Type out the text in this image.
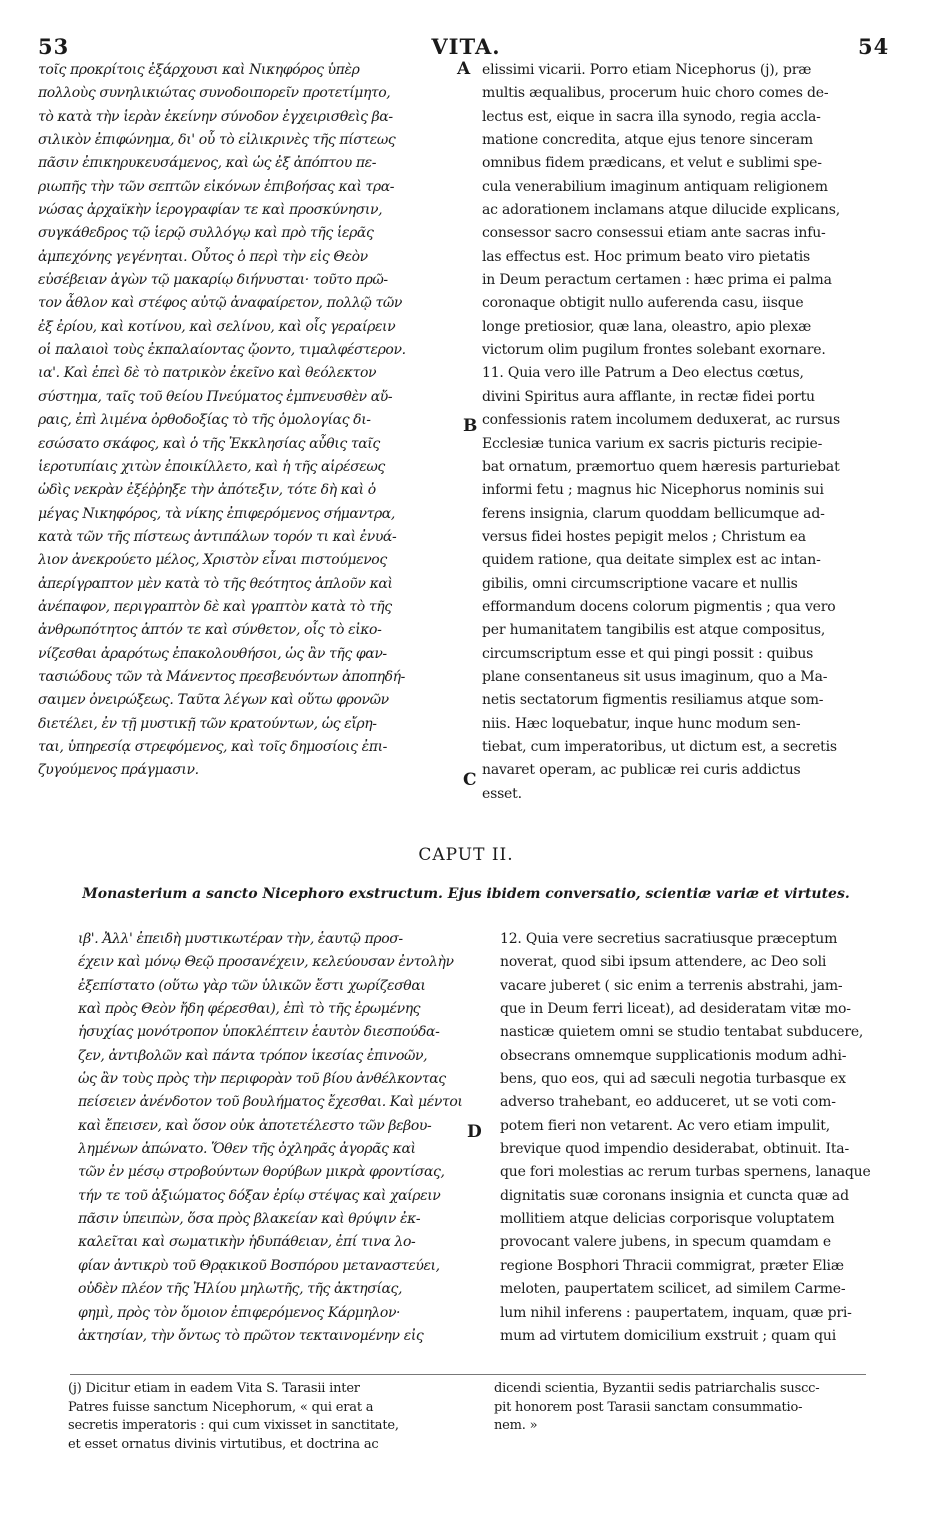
53	VITA.	54
τοῖς προκρίτοις ἐξάρχουσι καὶ Νικηφόρος ὑπὲρ
πολλοὺς συνηλικιώτας συνοδοιπορεῖν προτετίμητο,
τὸ κατὰ τὴν ἱερὰν ἐκείνην σύνοδον ἐγχειρισθεὶς βα-
σιλικὸν ἐπιφώνημα, δι' οὗ τὸ εἰλικρινὲς τῆς πίστεως
πᾶσιν ἐπικηρυκευσάμενος, καὶ ὡς ἐξ ἀπόπτου πε-
ριωπῆς τὴν τῶν σεπτῶν εἰκόνων ἐπιβοήσας καὶ τρα-
νώσας ἀρχαϊκὴν ἱερογραφίαν τε καὶ προσκύνησιν,
συγκάθεδρος τῷ ἱερῷ συλλόγῳ καὶ πρὸ τῆς ἱερᾶς
ἀμπεχόνης γεγένηται. Οὗτος ὁ περὶ τὴν εἰς Θεὸν
εὐσέβειαν ἀγὼν τῷ μακαρίῳ διήνυσται· τοῦτο πρῶ-
τον ἆθλον καὶ στέφος αὐτῷ ἀναφαίρετον, πολλῷ τῶν
ἐξ ἐρίου, καὶ κοτίνου, καὶ σελίνου, καὶ οἷς γεραίρειν
οἱ παλαιοὶ τοὺς ἐκπαλαίοντας ᾤοντο, τιμαλφέστερον.
ια'. Καὶ ἐπεὶ δὲ τὸ πατρικὸν ἐκεῖνο καὶ θεόλεκτον
σύστημα, ταῖς τοῦ θείου Πνεύματος ἐμπνευσθὲν αὔ-
ραις, ἐπὶ λιμένα ὀρθοδοξίας τὸ τῆς ὁμολογίας δι-
εσώσατο σκάφος, καὶ ὁ τῆς Ἐκκλησίας αὖθις ταῖς
ἱεροτυπίαις χιτὼν ἐποικίλλετο, καὶ ἡ τῆς αἱρέσεως
ὠδὶς νεκρὰν ἐξέῤῥηξε τὴν ἀπότεξιν, τότε δὴ καὶ ὁ
μέγας Νικηφόρος, τὰ νίκης ἐπιφερόμενος σήμαντρα,
κατὰ τῶν τῆς πίστεως ἀντιπάλων τορόν τι καὶ ἐνυά-
λιον ἀνεκρούετο μέλος, Χριστὸν εἶναι πιστούμενος
ἀπερίγραπτον μὲν κατὰ τὸ τῆς θεότητος ἁπλοῦν καὶ
ἀνέπαφον, περιγραπτὸν δὲ καὶ γραπτὸν κατὰ τὸ τῆς
ἀνθρωπότητος ἁπτόν τε καὶ σύνθετον, οἷς τὸ εἰκο-
νίζεσθαι ἀραρότως ἐπακολουθήσοι, ὡς ἂν τῆς φαν-
τασιώδους τῶν τὰ Μάνεντος πρεσβευόντων ἀποπηδή-
σαιμεν ὀνειρώξεως. Ταῦτα λέγων καὶ οὕτω φρονῶν
διετέλει, ἐν τῇ μυστικῇ τῶν κρατούντων, ὡς εἴρη-
ται, ὑπηρεσίᾳ στρεφόμενος, καὶ τοῖς δημοσίοις ἐπι-
ζυγούμενος πράγμασιν.
elissimi vicarii. Porro etiam Nicephorus (j), præ
multis æqualibus, procerum huic choro comes de-
lectus est, eique in sacra illa synodo, regia accla-
matione concredita, atque ejus tenore sinceram
omnibus fidem prædicans, et velut e sublimi spe-
cula venerabilium imaginum antiquam religionem
ac adorationem inclamans atque dilucide explicans,
consessor sacro consessui etiam ante sacras infu-
las effectus est. Hoc primum beato viro pietatis
in Deum peractum certamen : hæc prima ei palma
coronaque obtigit nullo auferenda casu, iisque
longe pretiosior, quæ lana, oleastro, apio plexæ
victorum olim pugilum frontes solebant exornare.
11. Quia vero ille Patrum a Deo electus cœtus,
divini Spiritus aura afflante, in rectæ fidei portu
confessionis ratem incolumem deduxerat, ac rursus
Ecclesiæ tunica varium ex sacris picturis recipie-
bat ornatum, præmortuo quem hæresis parturiebat
informi fetu ; magnus hic Nicephorus nominis sui
ferens insignia, clarum quoddam bellicumque ad-
versus fidei hostes pepigit melos ; Christum ea
quidem ratione, qua deitate simplex est ac intan-
gibilis, omni circumscriptione vacare et nullis
efformandum docens colorum pigmentis ; qua vero
per humanitatem tangibilis est atque compositus,
circumscriptum esse et qui pingi possit : quibus
plane consentaneus sit usus imaginum, quo a Ma-
netis sectatorum figmentis resiliamus atque som-
niis. Hæc loquebatur, inque hunc modum sen-
tiebat, cum imperatoribus, ut dictum est, a secretis
navaret operam, ac publicæ rei curis addictus
esset.
A
B
C
D
CAPUT II.
Monasterium a sancto Nicephoro exstructum. Ejus ibidem conversatio, scientiæ variæ et virtutes.
ιβ'. Ἀλλ' ἐπειδὴ μυστικωτέραν τὴν, ἑαυτῷ προσ-
έχειν καὶ μόνῳ Θεῷ προσανέχειν, κελεύουσαν ἐντολὴν
ἐξεπίστατο (οὕτω γὰρ τῶν ὑλικῶν ἔστι χωρίζεσθαι
καὶ πρὸς Θεὸν ἤδη φέρεσθαι), ἐπὶ τὸ τῆς ἐρωμένης
ἡσυχίας μονότροπον ὑποκλέπτειν ἑαυτὸν διεσπούδα-
ζεν, ἀντιβολῶν καὶ πάντα τρόπον ἱκεσίας ἐπινοῶν,
ὡς ἂν τοὺς πρὸς τὴν περιφορὰν τοῦ βίου ἀνθέλκοντας
πείσειεν ἀνένδοτον τοῦ βουλήματος ἔχεσθαι. Καὶ μέντοι
καὶ ἔπεισεν, καὶ ὅσον οὐκ ἀποτετέλεστο τῶν βεβου-
λημένων ἀπώνατο. Ὅθεν τῆς ὀχληρᾶς ἀγορᾶς καὶ
τῶν ἐν μέσῳ στροβούντων θορύβων μικρὰ φροντίσας,
τήν τε τοῦ ἀξιώματος δόξαν ἐρίῳ στέψας καὶ χαίρειν
πᾶσιν ὑπειπὼν, ὅσα πρὸς βλακείαν καὶ θρύψιν ἐκ-
καλεῖται καὶ σωματικὴν ἡδυπάθειαν, ἐπί τινα λο-
φίαν ἀντικρὺ τοῦ Θρᾳκικοῦ Βοσπόρου μεταναστεύει,
οὐδὲν πλέον τῆς Ἠλίου μηλωτῆς, τῆς ἀκτησίας,
φημὶ, πρὸς τὸν ὅμοιον ἐπιφερόμενος Κάρμηλον·
ἀκτησίαν, τὴν ὄντως τὸ πρῶτον τεκταινομένην εἰς
12. Quia vere secretius sacratiusque præceptum
noverat, quod sibi ipsum attendere, ac Deo soli
vacare juberet ( sic enim a terrenis abstrahi, jam-
que in Deum ferri liceat), ad desideratam vitæ mo-
nasticæ quietem omni se studio tentabat subducere,
obsecrans omnemque supplicationis modum adhi-
bens, quo eos, qui ad sæculi negotia turbasque ex
adverso trahebant, eo adduceret, ut se voti com-
potem fieri non vetarent. Ac vero etiam impulit,
brevique quod impendio desiderabat, obtinuit. Ita-
que fori molestias ac rerum turbas spernens, lanaque
dignitatis suæ coronans insignia et cuncta quæ ad
mollitiem atque delicias corporisque voluptatem
provocant valere jubens, in specum quamdam e
regione Bosphori Thracii commigrat, præter Eliæ
meloten, paupertatem scilicet, ad similem Carme-
lum nihil inferens : paupertatem, inquam, quæ pri-
mum ad virtutem domicilium exstruit ; quam qui
(j) Dicitur etiam in eadem Vita S. Tarasii inter
Patres fuisse sanctum Nicephorum, « qui erat a
secretis imperatoris : qui cum vixisset in sanctitate,
et esset ornatus divinis virtutibus, et doctrina ac
dicendi scientia, Byzantii sedis patriarchalis suscc-
pit honorem post Tarasii sanctam consummatio-
nem. »
